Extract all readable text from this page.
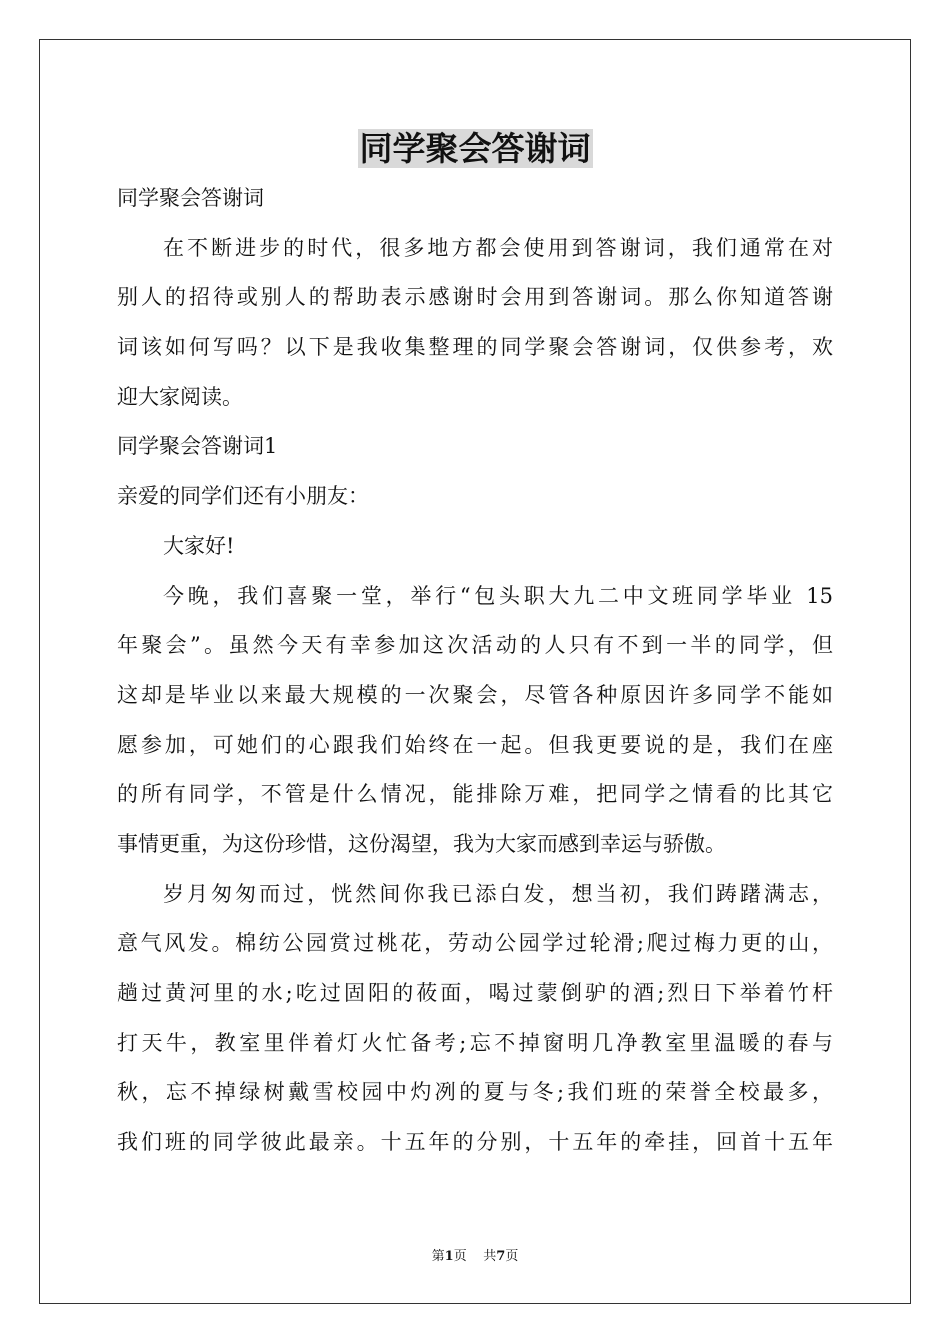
同学聚会答谢词
同学聚会答谢词
在不断进步的时代，很多地方都会使用到答谢词，我们通常在对
别人的招待或别人的帮助表示感谢时会用到答谢词。那么你知道答谢
词该如何写吗？以下是我收集整理的同学聚会答谢词，仅供参考，欢
迎大家阅读。
同学聚会答谢词1
亲爱的同学们还有小朋友：
大家好!
今晚，我们喜聚一堂，举行“包头职大九二中文班同学毕业 15
年聚会”。虽然今天有幸参加这次活动的人只有不到一半的同学，但
这却是毕业以来最大规模的一次聚会，尽管各种原因许多同学不能如
愿参加，可她们的心跟我们始终在一起。但我更要说的是，我们在座
的所有同学，不管是什么情况，能排除万难，把同学之情看的比其它
事情更重，为这份珍惜，这份渴望，我为大家而感到幸运与骄傲。
岁月匆匆而过，恍然间你我已添白发，想当初，我们踌躇满志，
意气风发。棉纺公园赏过桃花，劳动公园学过轮滑;爬过梅力更的山，
趟过黄河里的水;吃过固阳的莜面，喝过蒙倒驴的酒;烈日下举着竹杆
打天牛，教室里伴着灯火忙备考;忘不掉窗明几净教室里温暖的春与
秋，忘不掉绿树戴雪校园中灼冽的夏与冬;我们班的荣誉全校最多，
我们班的同学彼此最亲。十五年的分别，十五年的牵挂，回首十五年
第1页 共7页
